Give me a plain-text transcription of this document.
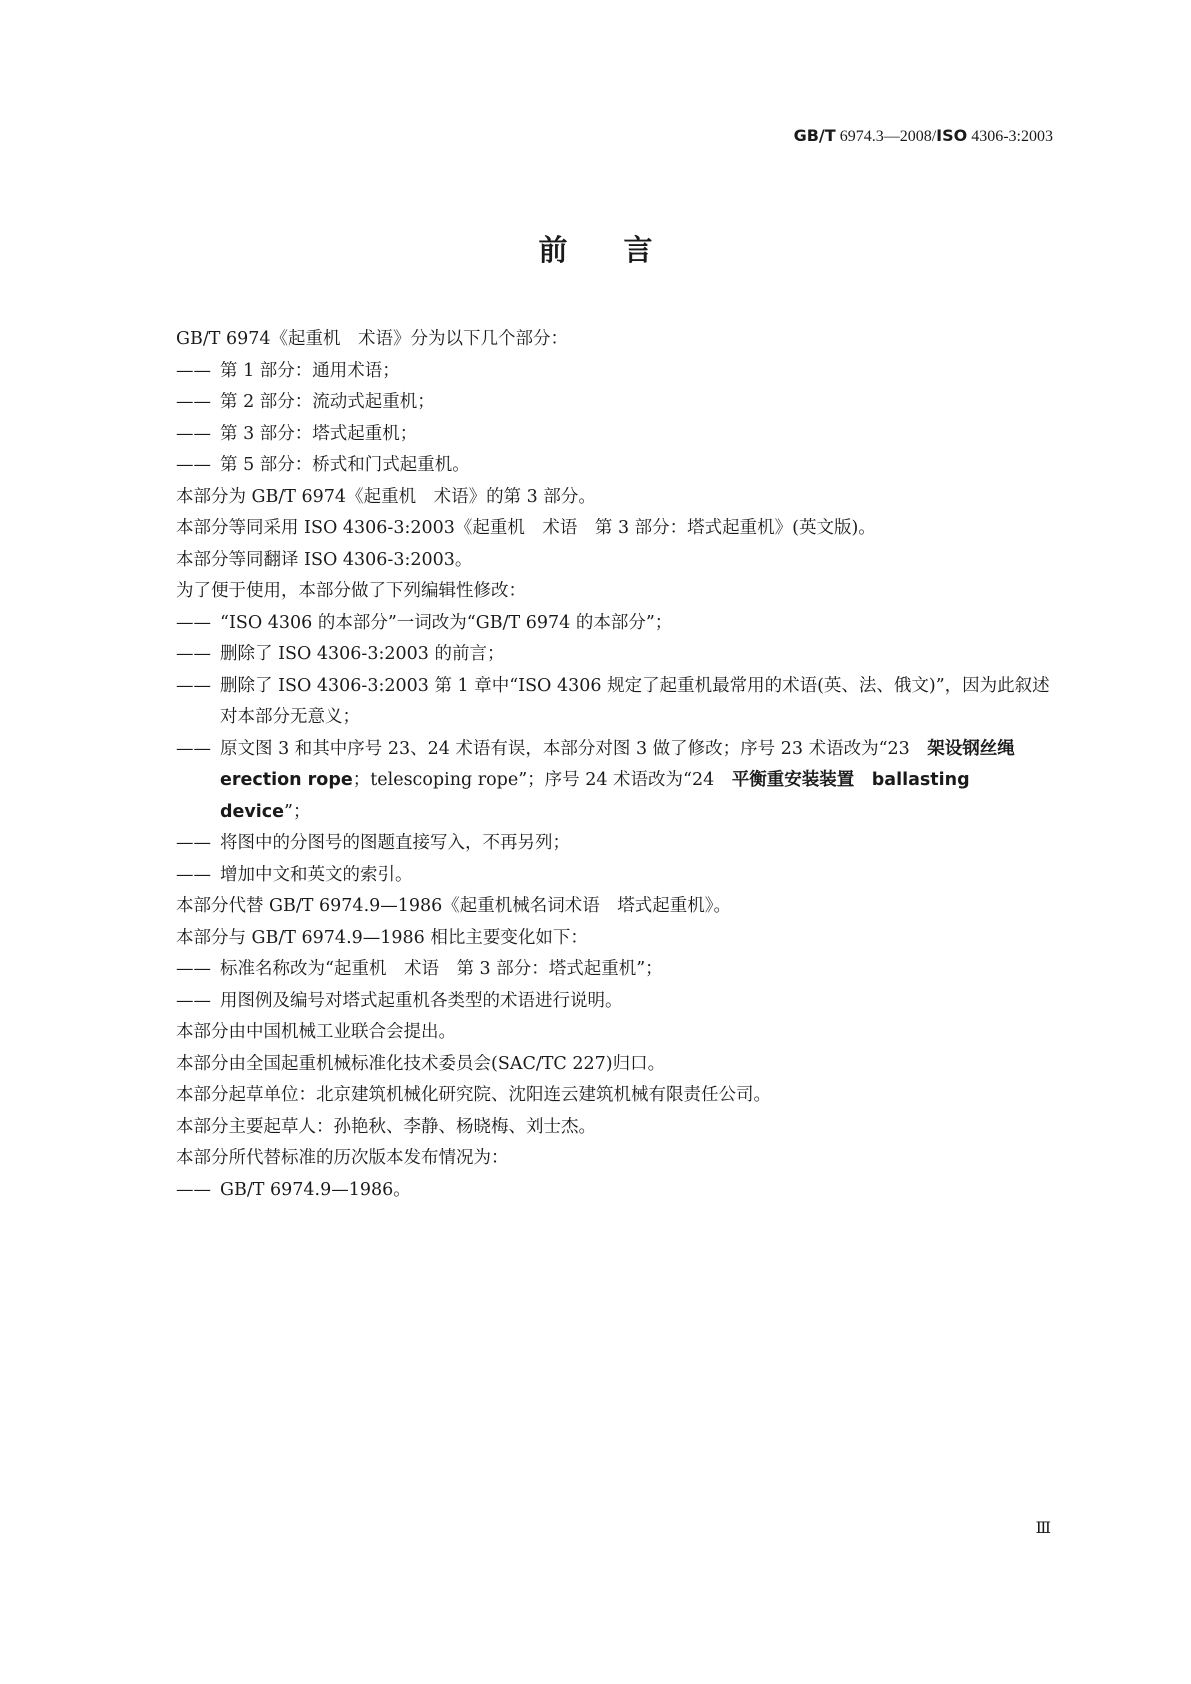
GB/T 6974.3—2008/ISO 4306-3:2003
前言
GB/T 6974《起重机　术语》分为以下几个部分：
—— 第 1 部分：通用术语；
—— 第 2 部分：流动式起重机；
—— 第 3 部分：塔式起重机；
—— 第 5 部分：桥式和门式起重机。
本部分为 GB/T 6974《起重机　术语》的第 3 部分。
本部分等同采用 ISO 4306-3:2003《起重机　术语　第 3 部分：塔式起重机》(英文版)。
本部分等同翻译 ISO 4306-3:2003。
为了便于使用，本部分做了下列编辑性修改：
—— “ISO 4306 的本部分”一词改为“GB/T 6974 的本部分”；
—— 删除了 ISO 4306-3:2003 的前言；
—— 删除了 ISO 4306-3:2003 第 1 章中“ISO 4306 规定了起重机最常用的术语(英、法、俄文)”，因为此叙述对本部分无意义；
—— 原文图 3 和其中序号 23、24 术语有误，本部分对图 3 做了修改；序号 23 术语改为“23　架设钢丝绳 erection rope；telescoping rope”；序号 24 术语改为“24　平衡重安装装置　ballasting device”；
—— 将图中的分图号的图题直接写入，不再另列；
—— 增加中文和英文的索引。
本部分代替 GB/T 6974.9—1986《起重机械名词术语　塔式起重机》。
本部分与 GB/T 6974.9—1986 相比主要变化如下：
—— 标准名称改为“起重机　术语　第 3 部分：塔式起重机”；
—— 用图例及编号对塔式起重机各类型的术语进行说明。
本部分由中国机械工业联合会提出。
本部分由全国起重机械标准化技术委员会(SAC/TC 227)归口。
本部分起草单位：北京建筑机械化研究院、沈阳连云建筑机械有限责任公司。
本部分主要起草人：孙艳秋、李静、杨晓梅、刘士杰。
本部分所代替标准的历次版本发布情况为：
—— GB/T 6974.9—1986。
Ⅲ
